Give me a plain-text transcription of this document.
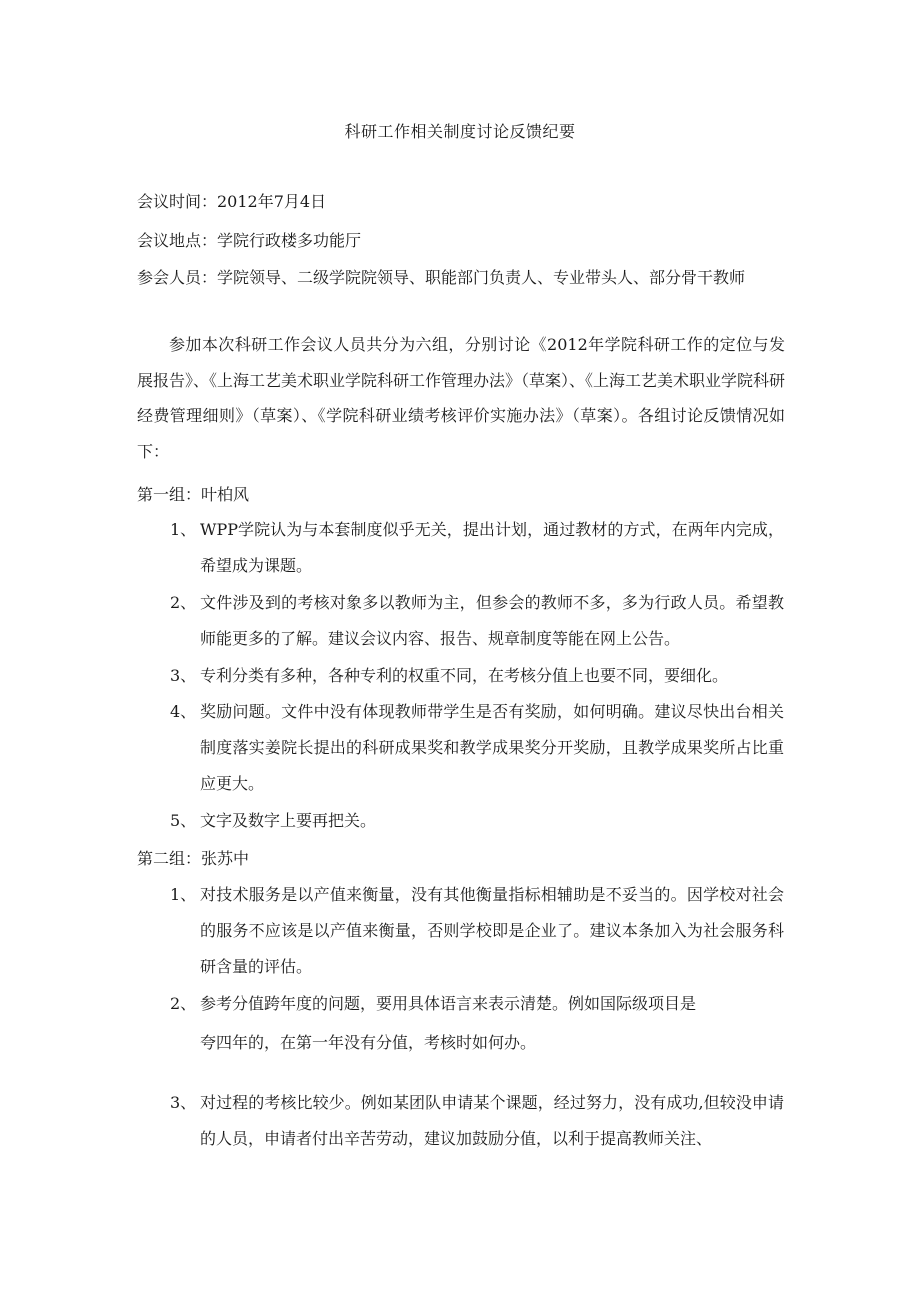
科研工作相关制度讨论反馈纪要
会议时间：2012年7月4日
会议地点：学院行政楼多功能厅
参会人员：学院领导、二级学院院领导、职能部门负责人、专业带头人、部分骨干教师
参加本次科研工作会议人员共分为六组，分别讨论《2012年学院科研工作的定位与发展报告》、《上海工艺美术职业学院科研工作管理办法》（草案）、《上海工艺美术职业学院科研经费管理细则》（草案）、《学院科研业绩考核评价实施办法》（草案）。各组讨论反馈情况如下：
第一组：叶柏风
1、 WPP学院认为与本套制度似乎无关，提出计划，通过教材的方式，在两年内完成，希望成为课题。
2、 文件涉及到的考核对象多以教师为主，但参会的教师不多，多为行政人员。希望教师能更多的了解。建议会议内容、报告、规章制度等能在网上公告。
3、 专利分类有多种，各种专利的权重不同，在考核分值上也要不同，要细化。
4、 奖励问题。文件中没有体现教师带学生是否有奖励，如何明确。建议尽快出台相关制度落实姜院长提出的科研成果奖和教学成果奖分开奖励，且教学成果奖所占比重应更大。
5、 文字及数字上要再把关。
第二组：张苏中
1、 对技术服务是以产值来衡量，没有其他衡量指标相辅助是不妥当的。因学校对社会的服务不应该是以产值来衡量，否则学校即是企业了。建议本条加入为社会服务科研含量的评估。
2、 参考分值跨年度的问题，要用具体语言来表示清楚。例如国际级项目是
夸四年的，在第一年没有分值，考核时如何办。
3、 对过程的考核比较少。例如某团队申请某个课题，经过努力，没有成功,但较没申请的人员，申请者付出辛苦劳动，建议加鼓励分值，以利于提高教师关注、
